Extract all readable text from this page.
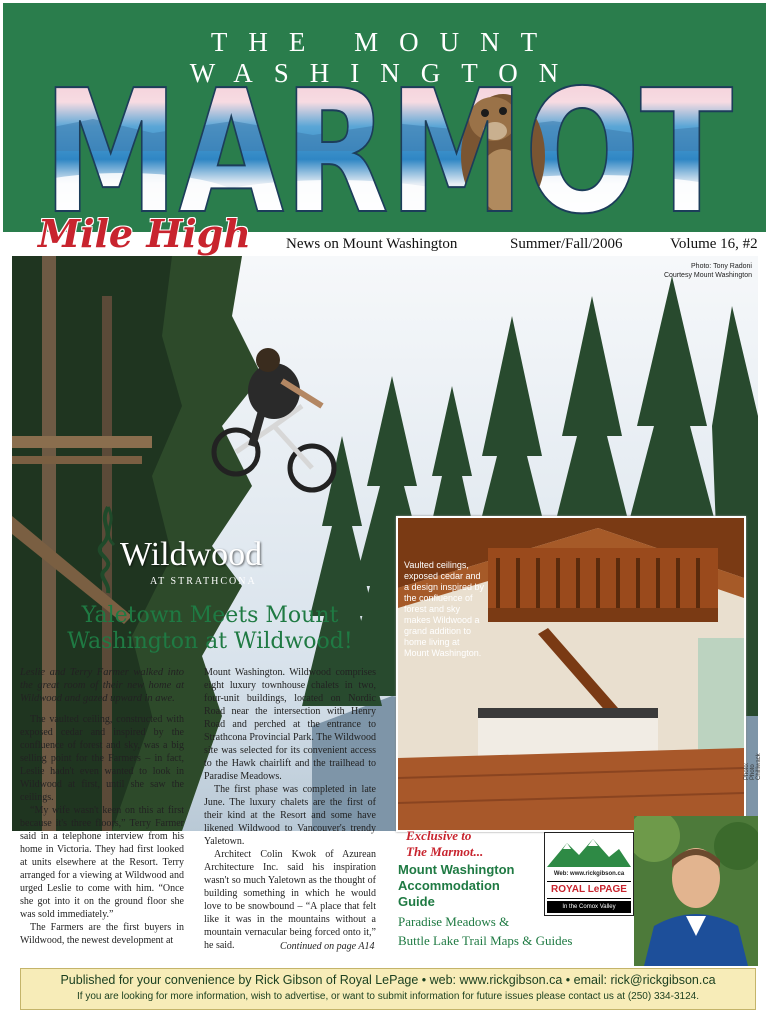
THE MOUNT
MARMOT
Mile High News on Mount Washington	Summer/Fall/2006	Volume 16, #2
Photo: Tony Radoni
Courtesy Mount Washington
Vaulted ceilings, exposed cedar and a design inspired by the confluence of forest and sky makes Wildwood a grand addition to home living at Mount Washington.
Photo: Photo Chilliwack
Wildwood
AT STRATHCONA
Yaletown Meets Mount Washington at Wildwood!
Leslie and Terry Farmer walked into the great room of their new home at Wildwood and gazed upward in awe.

The vaulted ceiling, constructed with exposed cedar and inspired by the confluence of forest and sky, was a big selling point for the Farmers – in fact, Leslie hadn't even wanted to look in Wildwood at first, until she saw the ceilings.

“My wife wasn't keen on this at first because it's three floors,” Terry Farmer said in a telephone interview from his home in Victoria. They had first looked at units elsewhere at the Resort. Terry arranged for a viewing at Wildwood and urged Leslie to come with him. “Once she got into it on the ground floor she was sold immediately.”

The Farmers are the first buyers in Wildwood, the newest development at

Mount Washington. Wildwood comprises eight luxury townhouse chalets in two, four-unit buildings, located on Nordic Road near the intersection with Henry Road and perched at the entrance to Strathcona Provincial Park. The Wildwood site was selected for its convenient access to the Hawk chairlift and the trailhead to Paradise Meadows.

The first phase was completed in late June. The luxury chalets are the first of their kind at the Resort and some have likened Wildwood to Vancouver's trendy Yaletown.

Architect Colin Kwok of Azurean Architecture Inc. said his inspiration wasn't so much Yaletown as the thought of building something in which he would love to be snowbound – “A place that felt like it was in the mountains without a mountain vernacular being forced onto it,” he said.	Continued on page A14
Exclusive to
The Marmot...
Mount Washington
Accommodation
Guide
Paradise Meadows &
Buttle Lake Trail Maps & Guides
Web: www.rickgibson.ca
ROYAL LePAGE
In the Comox Valley
Published for your convenience by Rick Gibson of Royal LePage • web: www.rickgibson.ca • email: rick@rickgibson.ca
If you are looking for more information, wish to advertise, or want to submit information for future issues please contact us at (250) 334-3124.
